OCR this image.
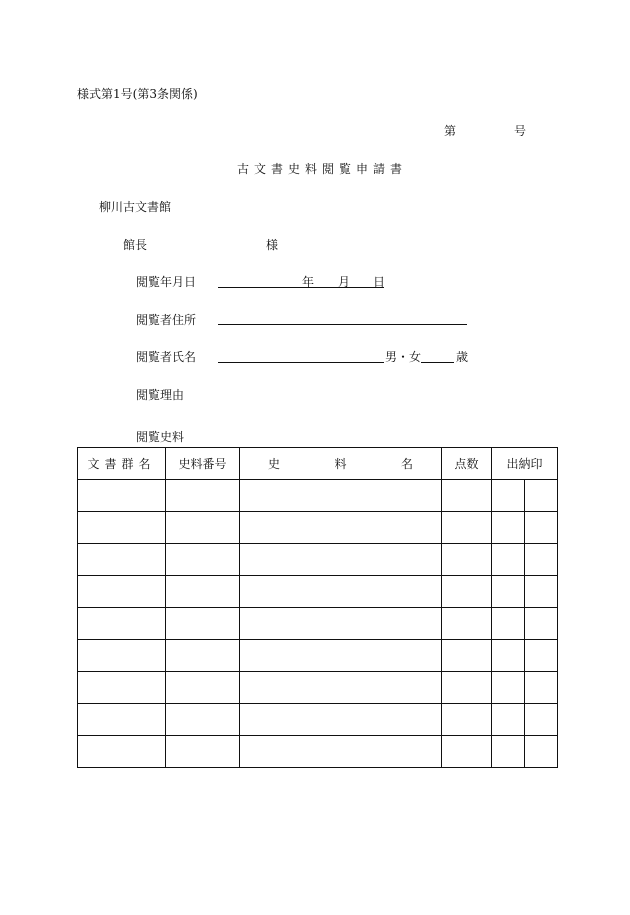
様式第1号(第3条関係)
第	号
古文書史料閲覧申請書
柳川古文書館
館長	様
閲覧年月日	年 月 日
閲覧者住所
閲覧者氏名	男・女	歳
閲覧理由
閲覧史料
文書群名	史料番号	史 料 名	点数	出納印	
